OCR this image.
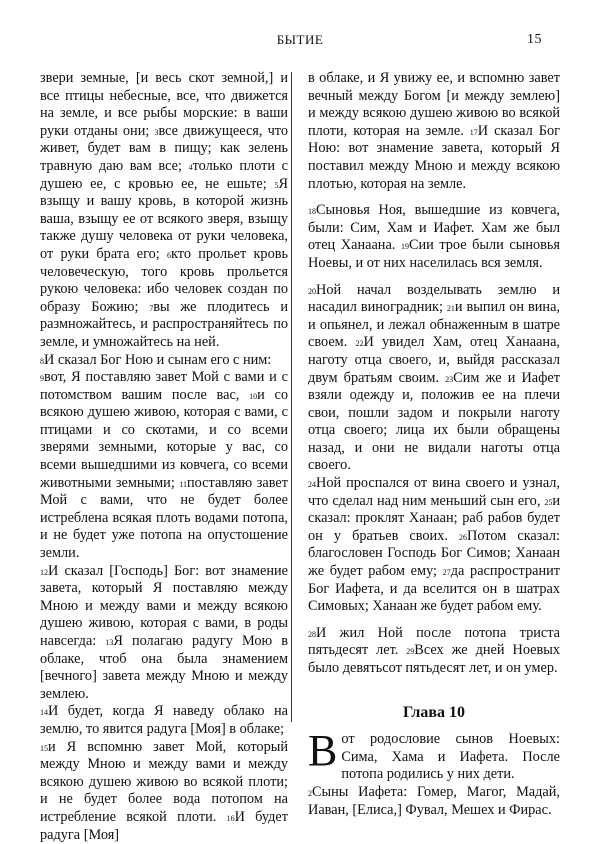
БЫТИЕ	15

звери земные, [и весь скот земной,] и все птицы небесные, все, что движется на земле, и все рыбы морские: в ваши руки отданы они; $^3$все движущееся, что живет, будет вам в пищу; как зелень травную даю вам все; $^4$только плоти с душею ее, с кровью ее, не ешьте; $^5$Я взыщу и вашу кровь, в которой жизнь ваша, взыщу ее от всякого зверя, взыщу также душу человека от руки человека, от руки брата его; $^6$кто прольет кровь человеческую, того кровь прольется рукою человека: ибо человек создан по образу Божию; $^7$вы же плодитесь и размножайтесь, и распространяйтесь по земле, и умножайтесь на ней.

$^8$И сказал Бог Ною и сынам его с ним:

$^9$вот, Я поставляю завет Мой с вами и с потомством вашим после вас, $^{10}$и со всякою душею живою, которая с вами, с птицами и со скотами, и со всеми зверями земными, которые у вас, со всеми вышедшими из ковчега, со всеми животными земными; $^{11}$поставляю завет Мой с вами, что не будет более истреблена всякая плоть водами потопа, и не будет уже потопа на опустошение земли.

$^{12}$И сказал [Господь] Бог: вот знамение завета, который Я поставляю между Мною и между вами и между всякою душею живою, которая с вами, в роды навсегда: $^{13}$Я полагаю радугу Мою в облаке, чтоб она была знамением [вечного] завета между Мною и между землею.

$^{14}$И будет, когда Я наведу облако на землю, то явится радуга [Моя] в облаке;

$^{15}$и Я вспомню завет Мой, который между Мною и между вами и между всякою душею живою во всякой плоти; и не будет более вода потопом на истребление всякой плоти. $^{16}$И будет радуга [Моя]

в облаке, и Я увижу ее, и вспомню завет вечный между Богом [и между землею] и между всякою душею живою во всякой плоти, которая на земле. $^{17}$И сказал Бог Ною: вот знамение завета, который Я поставил между Мною и между всякою плотью, которая на земле.

$^{18}$Сыновья Ноя, вышедшие из ковчега, были: Сим, Хам и Иафет. Хам же был отец Ханаана. $^{19}$Сии трое были сыновья Ноевы, и от них населилась вся земля.

$^{20}$Ной начал возделывать землю и насадил виноградник; $^{21}$и выпил он вина, и опьянел, и лежал обнаженным в шатре своем. $^{22}$И увидел Хам, отец Ханаана, наготу отца своего, и, выйдя рассказал двум братьям своим. $^{23}$Сим же и Иафет взяли одежду и, положив ее на плечи свои, пошли задом и покрыли наготу отца своего; лица их были обращены назад, и они не видали наготы отца своего.

$^{24}$Ной проспался от вина своего и узнал, что сделал над ним меньший сын его, $^{25}$и сказал: проклят Ханаан; раб рабов будет он у братьев своих. $^{26}$Потом сказал: благословен Господь Бог Симов; Ханаан же будет рабом ему; $^{27}$да распространит Бог Иафета, и да вселится он в шатрах Симовых; Ханаан же будет рабом ему.

$^{28}$И жил Ной после потопа триста пятьдесят лет. $^{29}$Всех же дней Ноевых было девятьсот пятьдесят лет, и он умер.

Глава 10

Вот родословие сынов Ноевых: Сима, Хама и Иафета. После потопа родились у них дети.

$^2$Сыны Иафета: Гомер, Магог, Мадай, Иаван, [Елиса,] Фувал, Мешех и Фирас.
